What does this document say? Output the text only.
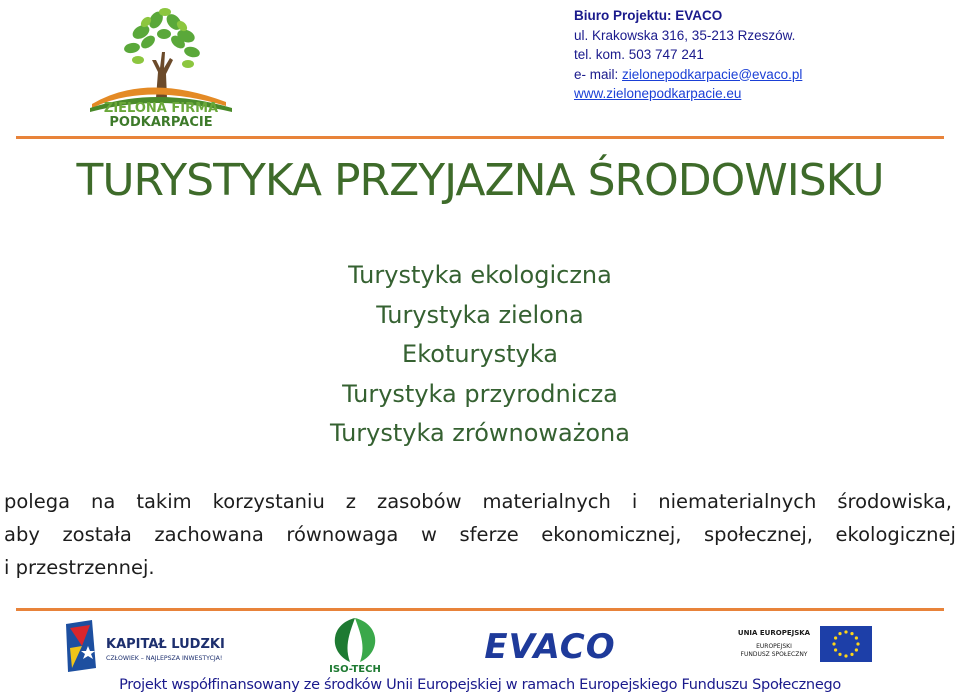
ZIELONA FIRMA
PODKARPACIE
Biuro Projektu: EVACO
ul. Krakowska 316, 35-213 Rzeszów.
tel. kom. 503 747 241
e- mail: zielonepodkarpacie@evaco.pl
www.zielonepodkarpacie.eu
TURYSTYKA PRZYJAZNA ŚRODOWISKU
Turystyka ekologiczna
Turystyka zielona
Ekoturystyka
Turystyka przyrodnicza
Turystyka zrównoważona
polega na takim korzystaniu z zasobów materialnych i niematerialnych środowiska,
aby została zachowana równowaga w sferze ekonomicznej, społecznej, ekologicznej
i przestrzennej.
KAPITAŁ LUDZKI
CZŁOWIEK – NAJLEPSZA INWESTYCJA!
ISO-TECH
EVACO	UNIA EUROPEJSKA
EUROPEJSKI
FUNDUSZ SPOŁECZNY
Projekt współfinansowany ze środków Unii Europejskiej w ramach Europejskiego Funduszu Społecznego
